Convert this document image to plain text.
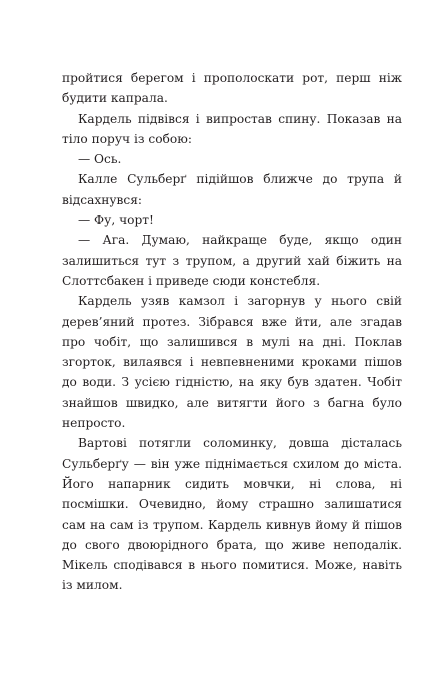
пройтися берегом і прополоскати рот, перш ніж будити капрала.

Кардель підвівся і випростав спину. Показав на тіло поруч із собою:

— Ось.

Калле Сульберґ підійшов ближче до трупа й відсахнувся:

— Фу, чорт!

— Ага. Думаю, найкраще буде, якщо один залишиться тут з трупом, а другий хай біжить на Слоттсбакен і приведе сюди констебля.

Кардель узяв камзол і загорнув у нього свій дерев’яний протез. Зібрався вже йти, але згадав про чобіт, що залишився в мулі на дні. Поклав згорток, вилаявся і невпевненими кроками пішов до води. З усією гідністю, на яку був здатен. Чобіт знайшов швидко, але витягти його з багна було непросто.

Вартові потягли соломинку, довша дісталась Сульберґу — він уже піднімається схилом до міста. Його напарник сидить мовчки, ні слова, ні посмішки. Очевидно, йому страшно залишатися сам на сам із трупом. Кардель кивнув йому й пішов до свого двоюрідного брата, що живе неподалік. Мікель сподівався в нього помитися. Може, навіть із милом.
